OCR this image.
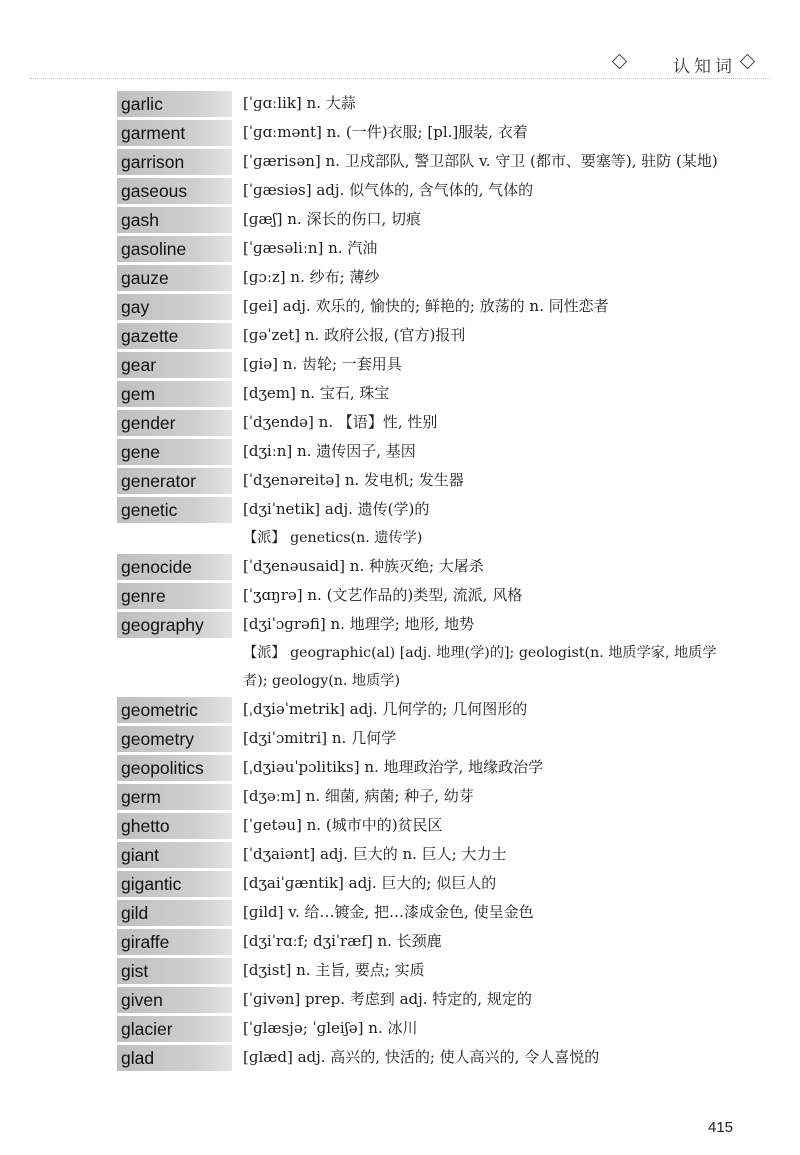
认知词
garlic	[ˈɡɑːlik] n. 大蒜
garment	[ˈɡɑːmənt] n. (一件)衣服; [pl.]服装, 衣着
garrison	[ˈɡærisən] n. 卫戍部队, 警卫部队 v. 守卫 (都市、要塞等), 驻防 (某地)
gaseous	[ˈɡæsiəs] adj. 似气体的, 含气体的, 气体的
gash	[ɡæʃ] n. 深长的伤口, 切痕
gasoline	[ˈɡæsəliːn] n. 汽油
gauze	[ɡɔːz] n. 纱布; 薄纱
gay	[ɡei] adj. 欢乐的, 愉快的; 鲜艳的; 放荡的 n. 同性恋者
gazette	[ɡəˈzet] n. 政府公报, (官方)报刊
gear	[ɡiə] n. 齿轮; 一套用具
gem	[dʒem] n. 宝石, 珠宝
gender	[ˈdʒendə] n. 【语】性, 性别
gene	[dʒiːn] n. 遗传因子, 基因
generator	[ˈdʒenəreitə] n. 发电机; 发生器
genetic	[dʒiˈnetik] adj. 遗传(学)的
【派】 genetics(n. 遗传学)
genocide	[ˈdʒenəusaid] n. 种族灭绝; 大屠杀
genre	[ˈʒɑŋrə] n. (文艺作品的)类型, 流派, 风格
geography	[dʒiˈɔɡrəfi] n. 地理学; 地形, 地势
【派】 geographic(al) [adj. 地理(学)的]; geologist(n. 地质学家, 地质学者); geology(n. 地质学)
geometric	[ˌdʒiəˈmetrik] adj. 几何学的; 几何图形的
geometry	[dʒiˈɔmitri] n. 几何学
geopolitics	[ˌdʒiəuˈpɔlitiks] n. 地理政治学, 地缘政治学
germ	[dʒəːm] n. 细菌, 病菌; 种子, 幼芽
ghetto	[ˈɡetəu] n. (城市中的)贫民区
giant	[ˈdʒaiənt] adj. 巨大的 n. 巨人; 大力士
gigantic	[dʒaiˈɡæntik] adj. 巨大的; 似巨人的
gild	[ɡild] v. 给…镀金, 把…漆成金色, 使呈金色
giraffe	[dʒiˈrɑːf; dʒiˈræf] n. 长颈鹿
gist	[dʒist] n. 主旨, 要点; 实质
given	[ˈɡivən] prep. 考虑到 adj. 特定的, 规定的
glacier	[ˈɡlæsjə; ˈɡleiʃə] n. 冰川
glad	[ɡlæd] adj. 高兴的, 快活的; 使人高兴的, 令人喜悦的
415
